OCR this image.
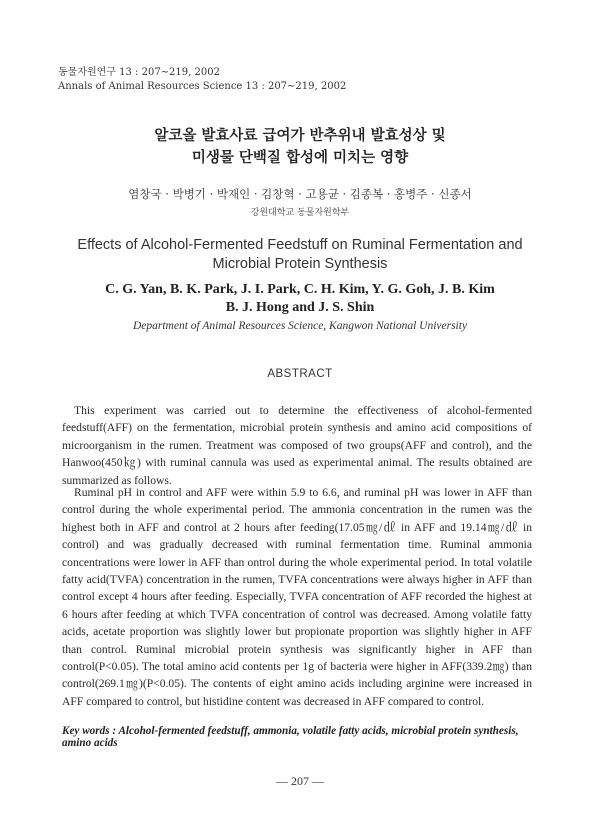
동물자원연구 13 : 207∼219, 2002
Annals of Animal Resources Science 13 : 207∼219, 2002
알코올 발효사료 급여가 반추위내 발효성상 및
미생물 단백질 합성에 미치는 영향
염창국 · 박병기 · 박재인 · 김창혁 · 고용균 · 김종복 · 홍병주 · 신종서
강원대학교 동물자원학부
Effects of Alcohol-Fermented Feedstuff on Ruminal Fermentation and
Microbial Protein Synthesis
C. G. Yan, B. K. Park, J. I. Park, C. H. Kim, Y. G. Goh, J. B. Kim
B. J. Hong and J. S. Shin
Department of Animal Resources Science, Kangwon National University
ABSTRACT

This experiment was carried out to determine the effectiveness of alcohol-fermented feedstuff(AFF) on the fermentation, microbial protein synthesis and amino acid compositions of microorganism in the rumen. Treatment was composed of two groups(AFF and control), and the Hanwoo(450㎏) with ruminal cannula was used as experimental animal. The results obtained are summarized as follows.

Ruminal pH in control and AFF were within 5.9 to 6.6, and ruminal pH was lower in AFF than control during the whole experimental period. The ammonia concentration in the rumen was the highest both in AFF and control at 2 hours after feeding(17.05㎎/㎗ in AFF and 19.14㎎/㎗ in control) and was gradually decreased with ruminal fermentation time. Ruminal ammonia concentrations were lower in AFF than ontrol during the whole experimental period. In total volatile fatty acid(TVFA) concentration in the rumen, TVFA concentrations were always higher in AFF than control except 4 hours after feeding. Especially, TVFA concentration of AFF recorded the highest at 6 hours after feeding at which TVFA concentration of control was decreased. Among volatile fatty acids, acetate proportion was slightly lower but propionate proportion was slightly higher in AFF than control. Ruminal microbial protein synthesis was significantly higher in AFF than control(P<0.05). The total amino acid contents per 1g of bacteria were higher in AFF(339.2㎎) than control(269.1㎎)(P<0.05). The contents of eight amino acids including arginine were increased in AFF compared to control, but histidine content was decreased in AFF compared to control.

Key words : Alcohol-fermented feedstuff, ammonia, volatile fatty acids, microbial protein synthesis, amino acids
— 207 —
